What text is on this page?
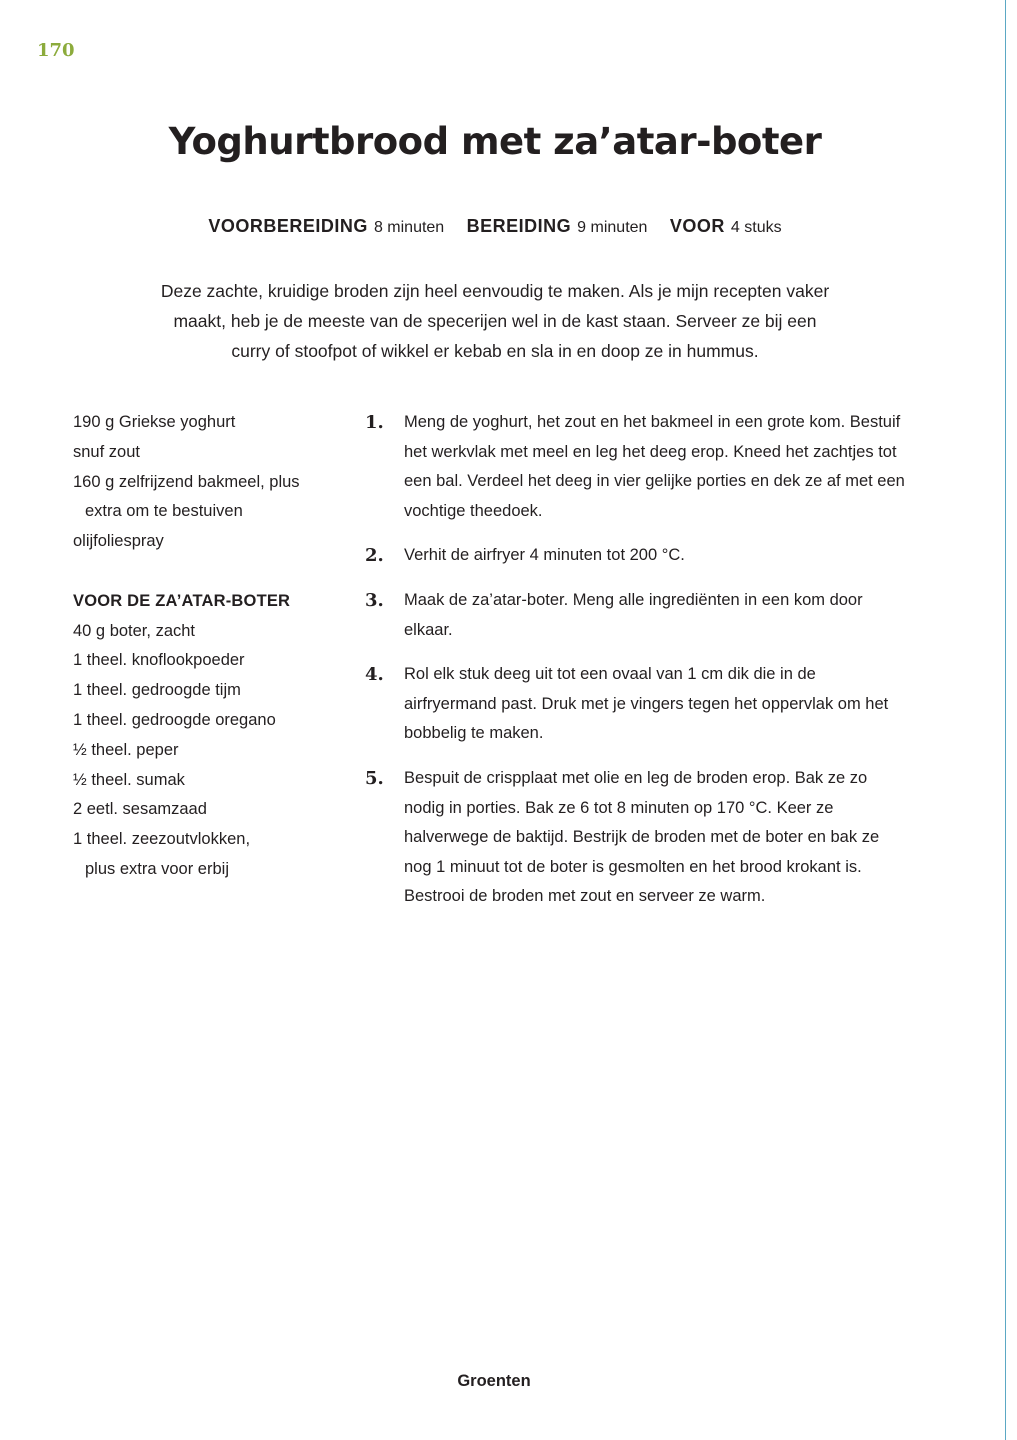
170
Yoghurtbrood met za’atar-boter
VOORBEREIDING 8 minuten BEREIDING 9 minuten VOOR 4 stuks
Deze zachte, kruidige broden zijn heel eenvoudig te maken. Als je mijn recepten vaker
maakt, heb je de meeste van de specerijen wel in de kast staan. Serveer ze bij een
curry of stoofpot of wikkel er kebab en sla in en doop ze in hummus.
190 g Griekse yoghurt
snuf zout
160 g zelfrijzend bakmeel, plus
extra om te bestuiven
olijfoliespray
VOOR DE ZA’ATAR-BOTER
40 g boter, zacht
1 theel. knoflookpoeder
1 theel. gedroogde tijm
1 theel. gedroogde oregano
½ theel. peper
½ theel. sumak
2 eetl. sesamzaad
1 theel. zeezoutvlokken,
plus extra voor erbij
1.	Meng de yoghurt, het zout en het bakmeel in een grote kom. Bestuif het werkvlak met meel en leg het deeg erop. Kneed het zachtjes tot een bal. Verdeel het deeg in vier gelijke porties en dek ze af met een vochtige theedoek.
2.	Verhit de airfryer 4 minuten tot 200 °C.
3.	Maak de za’atar-boter. Meng alle ingrediënten in een kom door elkaar.
4.	Rol elk stuk deeg uit tot een ovaal van 1 cm dik die in de airfryermand past. Druk met je vingers tegen het oppervlak om het bobbelig te maken.
5.	Bespuit de crispplaat met olie en leg de broden erop. Bak ze zo nodig in porties. Bak ze 6 tot 8 minuten op 170 °C. Keer ze halverwege de baktijd. Bestrijk de broden met de boter en bak ze nog 1 minuut tot de boter is gesmolten en het brood krokant is. Bestrooi de broden met zout en serveer ze warm.
Groenten
